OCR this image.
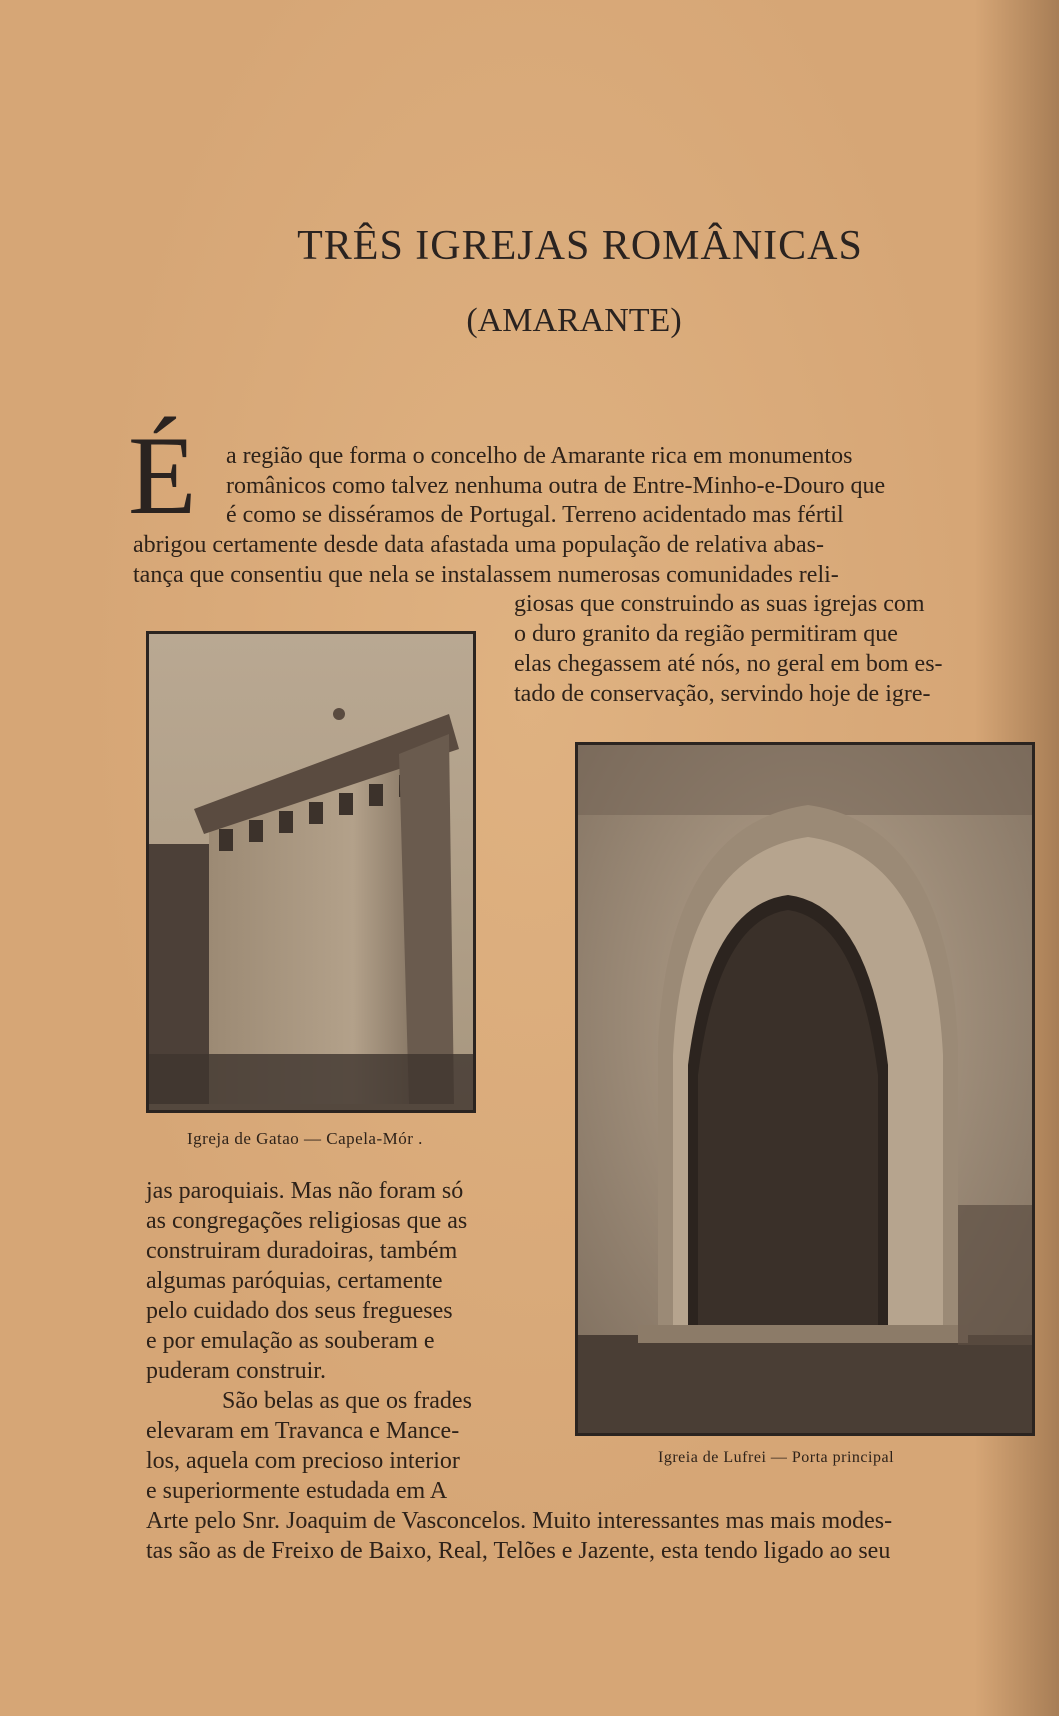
TRÊS IGREJAS ROMÂNICAS
(AMARANTE)
É a região que forma o concelho de Amarante rica em monumentos
românicos como talvez nenhuma outra de Entre-Minho-e-Douro que
é como se disséramos de Portugal. Terreno acidentado mas fértil
abrigou certamente desde data afastada uma população de relativa abas-
tança que consentiu que nela se instalassem numerosas comunidades reli-
giosas que construindo as suas igrejas com
o duro granito da região permitiram que
elas chegassem até nós, no geral em bom es-
tado de conservação, servindo hoje de igre-
jas paroquiais. Mas não foram só
as congregações religiosas que as
construiram duradoiras, também
algumas paróquias, certamente
pelo cuidado dos seus fregueses
e por emulação as souberam e
puderam construir.
São belas as que os frades
elevaram em Travanca e Mance-
los, aquela com precioso interior
e superiormente estudada em A
Arte pelo Snr. Joaquim de Vasconcelos. Muito interessantes mas mais modes-
tas são as de Freixo de Baixo, Real, Telões e Jazente, esta tendo ligado ao seu
Igreja de Gatao — Capela-Mór .
Igreia de Lufrei — Porta principal
